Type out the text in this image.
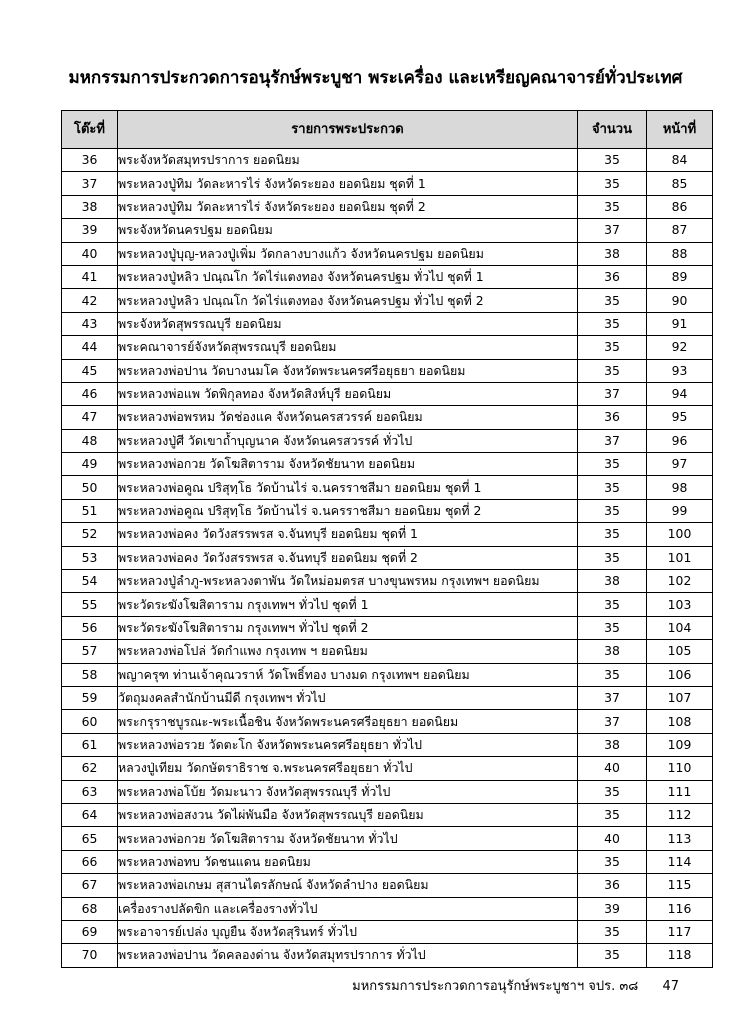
มหกรรมการประกวดการอนุรักษ์พระบูชา พระเครื่อง และเหรียญคณาจารย์ทั่วประเทศ
โต๊ะที่	รายการพระประกวด	จำนวน	หน้าที่
36	พระจังหวัดสมุทรปราการ ยอดนิยม	35	84
37	พระหลวงปู่ทิม วัดละหารไร่ จังหวัดระยอง ยอดนิยม ชุดที่ 1	35	85
38	พระหลวงปู่ทิม วัดละหารไร่ จังหวัดระยอง ยอดนิยม ชุดที่ 2	35	86
39	พระจังหวัดนครปฐม ยอดนิยม	37	87
40	พระหลวงปู่บุญ-หลวงปู่เพิ่ม วัดกลางบางแก้ว จังหวัดนครปฐม ยอดนิยม	38	88
41	พระหลวงปู่หลิว ปณฺณโก วัดไร่แตงทอง จังหวัดนครปฐม ทั่วไป ชุดที่ 1	36	89
42	พระหลวงปู่หลิว ปณฺณโก วัดไร่แตงทอง จังหวัดนครปฐม ทั่วไป ชุดที่ 2	35	90
43	พระจังหวัดสุพรรณบุรี ยอดนิยม	35	91
44	พระคณาจารย์จังหวัดสุพรรณบุรี ยอดนิยม	35	92
45	พระหลวงพ่อปาน วัดบางนมโค จังหวัดพระนครศรีอยุธยา ยอดนิยม	35	93
46	พระหลวงพ่อแพ วัดพิกุลทอง จังหวัดสิงห์บุรี ยอดนิยม	37	94
47	พระหลวงพ่อพรหม วัดช่องแค จังหวัดนครสวรรค์ ยอดนิยม	36	95
48	พระหลวงปู่ศี วัดเขาถ้ำบุญนาค จังหวัดนครสวรรค์ ทั่วไป	37	96
49	พระหลวงพ่อกวย วัดโฆสิตาราม จังหวัดชัยนาท ยอดนิยม	35	97
50	พระหลวงพ่อคูณ ปริสุทฺโธ วัดบ้านไร่ จ.นครราชสีมา ยอดนิยม ชุดที่ 1	35	98
51	พระหลวงพ่อคูณ ปริสุทฺโธ วัดบ้านไร่ จ.นครราชสีมา ยอดนิยม ชุดที่ 2	35	99
52	พระหลวงพ่อคง วัดวังสรรพรส จ.จันทบุรี ยอดนิยม ชุดที่ 1	35	100
53	พระหลวงพ่อคง วัดวังสรรพรส จ.จันทบุรี ยอดนิยม ชุดที่ 2	35	101
54	พระหลวงปู่ลำภู-พระหลวงตาพัน วัดใหม่อมตรส บางขุนพรหม กรุงเทพฯ ยอดนิยม	38	102
55	พระวัดระฆังโฆสิตาราม กรุงเทพฯ ทั่วไป ชุดที่ 1	35	103
56	พระวัดระฆังโฆสิตาราม กรุงเทพฯ ทั่วไป ชุดที่ 2	35	104
57	พระหลวงพ่อโปล่ วัดกำแพง กรุงเทพ ฯ ยอดนิยม	38	105
58	พญาครุฑ ท่านเจ้าคุณวราห์ วัดโพธิ์ทอง บางมด กรุงเทพฯ ยอดนิยม	35	106
59	วัตถุมงคลสำนักบ้านมีดี กรุงเทพฯ ทั่วไป	37	107
60	พระกรุราชบูรณะ-พระเนื้อชิน จังหวัดพระนครศรีอยุธยา ยอดนิยม	37	108
61	พระหลวงพ่อรวย วัดตะโก จังหวัดพระนครศรีอยุธยา ทั่วไป	38	109
62	หลวงปู่เทียม วัดกษัตราธิราช จ.พระนครศรีอยุธยา ทั่วไป	40	110
63	พระหลวงพ่อโบ้ย วัดมะนาว จังหวัดสุพรรณบุรี ทั่วไป	35	111
64	พระหลวงพ่อสงวน วัดไผ่พันมือ จังหวัดสุพรรณบุรี ยอดนิยม	35	112
65	พระหลวงพ่อกวย วัดโฆสิตาราม จังหวัดชัยนาท ทั่วไป	40	113
66	พระหลวงพ่อทบ วัดชนแดน ยอดนิยม	35	114
67	พระหลวงพ่อเกษม สุสานไตรลักษณ์ จังหวัดลำปาง ยอดนิยม	36	115
68	เครื่องรางปลัดขิก และเครื่องรางทั่วไป	39	116
69	พระอาจารย์เปล่ง บุญยืน จังหวัดสุรินทร์ ทั่วไป	35	117
70	พระหลวงพ่อปาน วัดคลองด่าน จังหวัดสมุทรปราการ ทั่วไป	35	118
มหกรรมการประกวดการอนุรักษ์พระบูชาฯ จปร. ๓๘ 47
